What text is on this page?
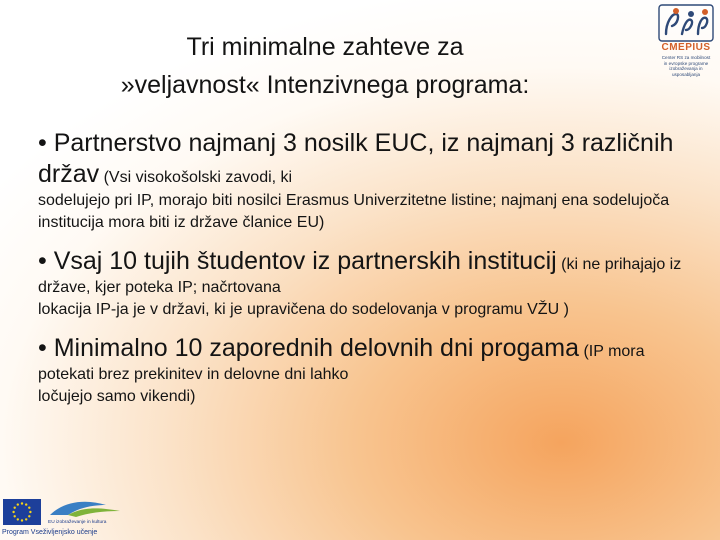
Tri minimalne zahteve za
»veljavnost« Intenzivnega programa:
CMEPIUS
Center RS za mobilnost
in evropske programe
izobraževanja in
usposabljanja
• Partnerstvo najmanj 3 nosilk EUC, iz najmanj 3 različnih držav (Vsi visokošolski zavodi, ki
sodelujejo pri IP, morajo biti nosilci Erasmus Univerzitetne listine; najmanj ena sodelujoča institucija mora biti iz države članice EU)
• Vsaj 10 tujih študentov iz partnerskih institucij (ki ne prihajajo iz države, kjer poteka IP; načrtovana
lokacija IP-ja je v državi, ki je upravičena do sodelovanja v programu VŽU )
• Minimalno 10 zaporednih delovnih dni progama (IP mora potekati brez prekinitev in delovne dni lahko
ločujejo samo vikendi)
EU izobraževanje in kultura
Program Vseživljenjsko učenje
